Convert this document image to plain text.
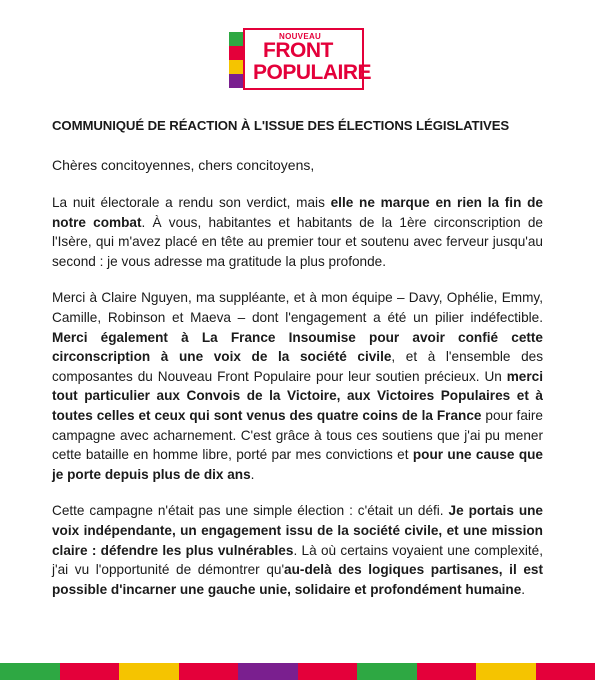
NOUVEAU
FRONT
POPULAIRE
COMMUNIQUÉ DE RÉACTION À L'ISSUE DES ÉLECTIONS LÉGISLATIVES
Chères concitoyennes, chers concitoyens,

La nuit électorale a rendu son verdict, mais elle ne marque en rien la fin de notre combat. À vous, habitantes et habitants de la 1ère circonscription de l'Isère, qui m'avez placé en tête au premier tour et soutenu avec ferveur jusqu'au second : je vous adresse ma gratitude la plus profonde.

Merci à Claire Nguyen, ma suppléante, et à mon équipe – Davy, Ophélie, Emmy, Camille, Robinson et Maeva – dont l'engagement a été un pilier indéfectible. Merci également à La France Insoumise pour avoir confié cette circonscription à une voix de la société civile, et à l'ensemble des composantes du Nouveau Front Populaire pour leur soutien précieux. Un merci tout particulier aux Convois de la Victoire, aux Victoires Populaires et à toutes celles et ceux qui sont venus des quatre coins de la France pour faire campagne avec acharnement. C'est grâce à tous ces soutiens que j'ai pu mener cette bataille en homme libre, porté par mes convictions et pour une cause que je porte depuis plus de dix ans.

Cette campagne n'était pas une simple élection : c'était un défi. Je portais une voix indépendante, un engagement issu de la société civile, et une mission claire : défendre les plus vulnérables. Là où certains voyaient une complexité, j'ai vu l'opportunité de démontrer qu'au-delà des logiques partisanes, il est possible d'incarner une gauche unie, solidaire et profondément humaine.
